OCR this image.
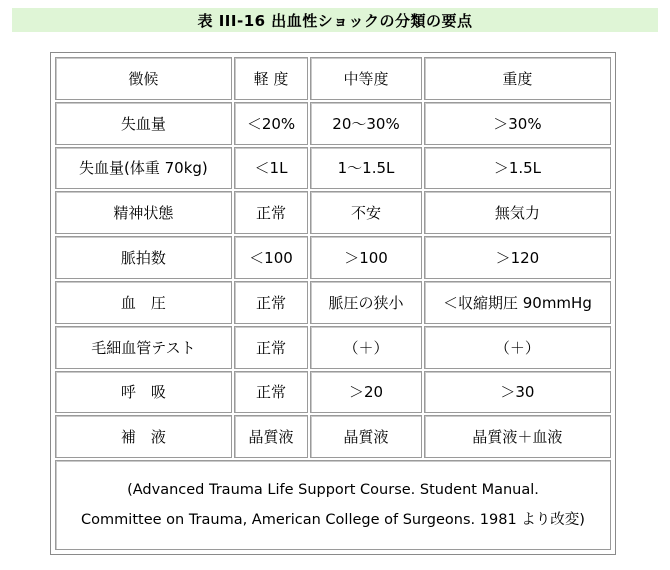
表 III-16 出血性ショックの分類の要点
徴候	軽 度	中等度	重度
失血量	＜20%	20～30%	＞30%
失血量(体重 70kg)	＜1L	1～1.5L	＞1.5L
精神状態	正常	不安	無気力
脈拍数	＜100	＞100	＞120
血　圧	正常	脈圧の狭小	＜収縮期圧 90mmHg
毛細血管テスト	正常	（＋）	（＋）
呼　吸	正常	＞20	＞30
補　液	晶質液	晶質液	晶質液＋血液

(Advanced Trauma Life Support Course. Student Manual.
Committee on Trauma, American College of Surgeons. 1981 より改変)			
